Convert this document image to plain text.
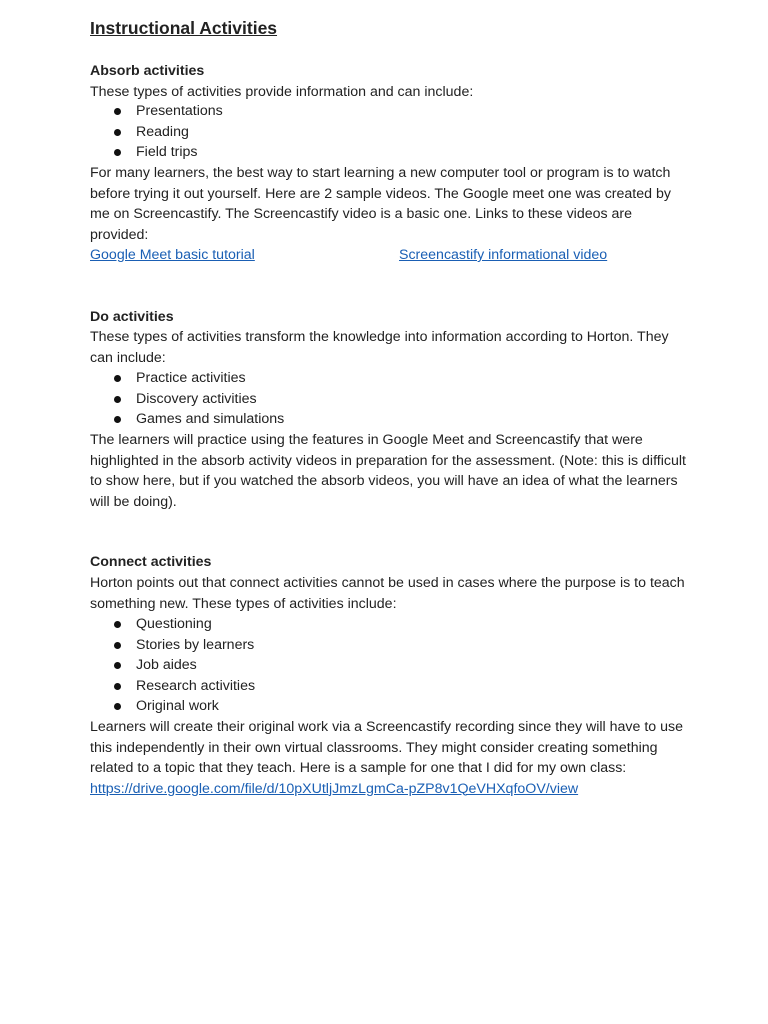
Instructional Activities
Absorb activities

These types of activities provide information and can include:

Presentations
Reading
Field trips

For many learners, the best way to start learning a new computer tool or program is to watch before trying it out yourself. Here are 2 sample videos. The Google meet one was created by me on Screencastify. The Screencastify video is a basic one. Links to these videos are provided:

Google Meet basic tutorial	Screencastify informational video
Do activities

These types of activities transform the knowledge into information according to Horton. They can include:

Practice activities
Discovery activities
Games and simulations

The learners will practice using the features in Google Meet and Screencastify that were highlighted in the absorb activity videos in preparation for the assessment. (Note: this is difficult to show here, but if you watched the absorb videos, you will have an idea of what the learners will be doing).

Connect activities

Horton points out that connect activities cannot be used in cases where the purpose is to teach something new. These types of activities include:

Questioning
Stories by learners
Job aides
Research activities
Original work

Learners will create their original work via a Screencastify recording since they will have to use this independently in their own virtual classrooms. They might consider creating something related to a topic that they teach. Here is a sample for one that I did for my own class: https://drive.google.com/file/d/10pXUtljJmzLgmCa-pZP8v1QeVHXqfoOV/view
